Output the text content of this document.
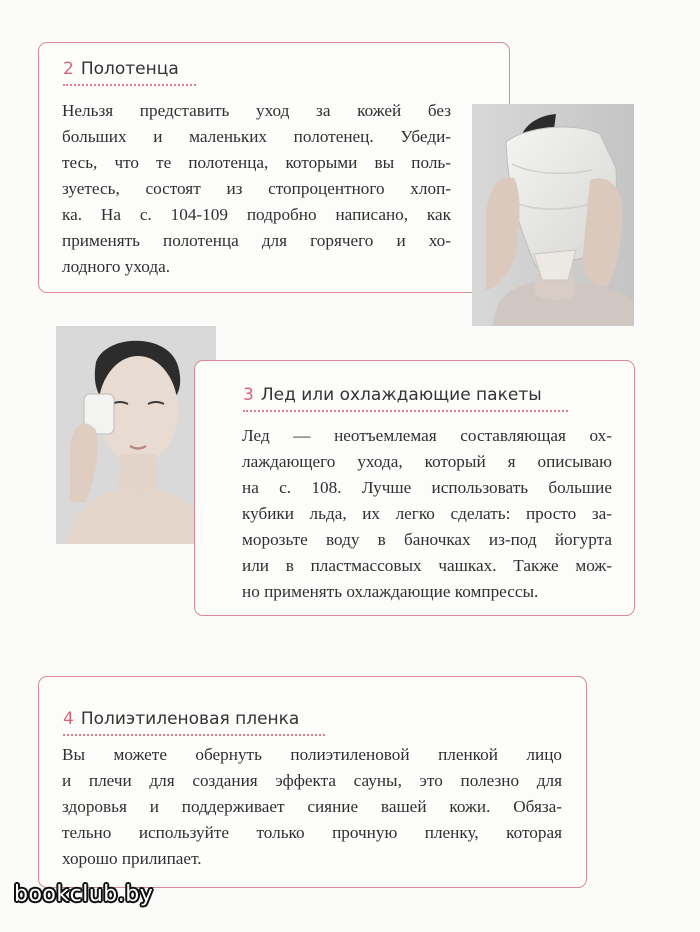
2 Полотенца
Нельзя представить уход за кожей без
больших и маленьких полотенец. Убеди-
тесь, что те полотенца, которыми вы поль-
зуетесь, состоят из стопроцентного хлоп-
ка. На с. 104-109 подробно написано, как
применять полотенца для горячего и хо-
лодного ухода.
3 Лед или охлаждающие пакеты
Лед — неотъемлемая составляющая ох-
лаждающего ухода, который я описываю
на с. 108. Лучше использовать большие
кубики льда, их легко сделать: просто за-
морозьте воду в баночках из-под йогурта
или в пластмассовых чашках. Также мож-
но применять охлаждающие компрессы.
4 Полиэтиленовая пленка
Вы можете обернуть полиэтиленовой пленкой лицо
и плечи для создания эффекта сауны, это полезно для
здоровья и поддерживает сияние вашей кожи. Обяза-
тельно используйте только прочную пленку, которая
хорошо прилипает.
bookclub.by
